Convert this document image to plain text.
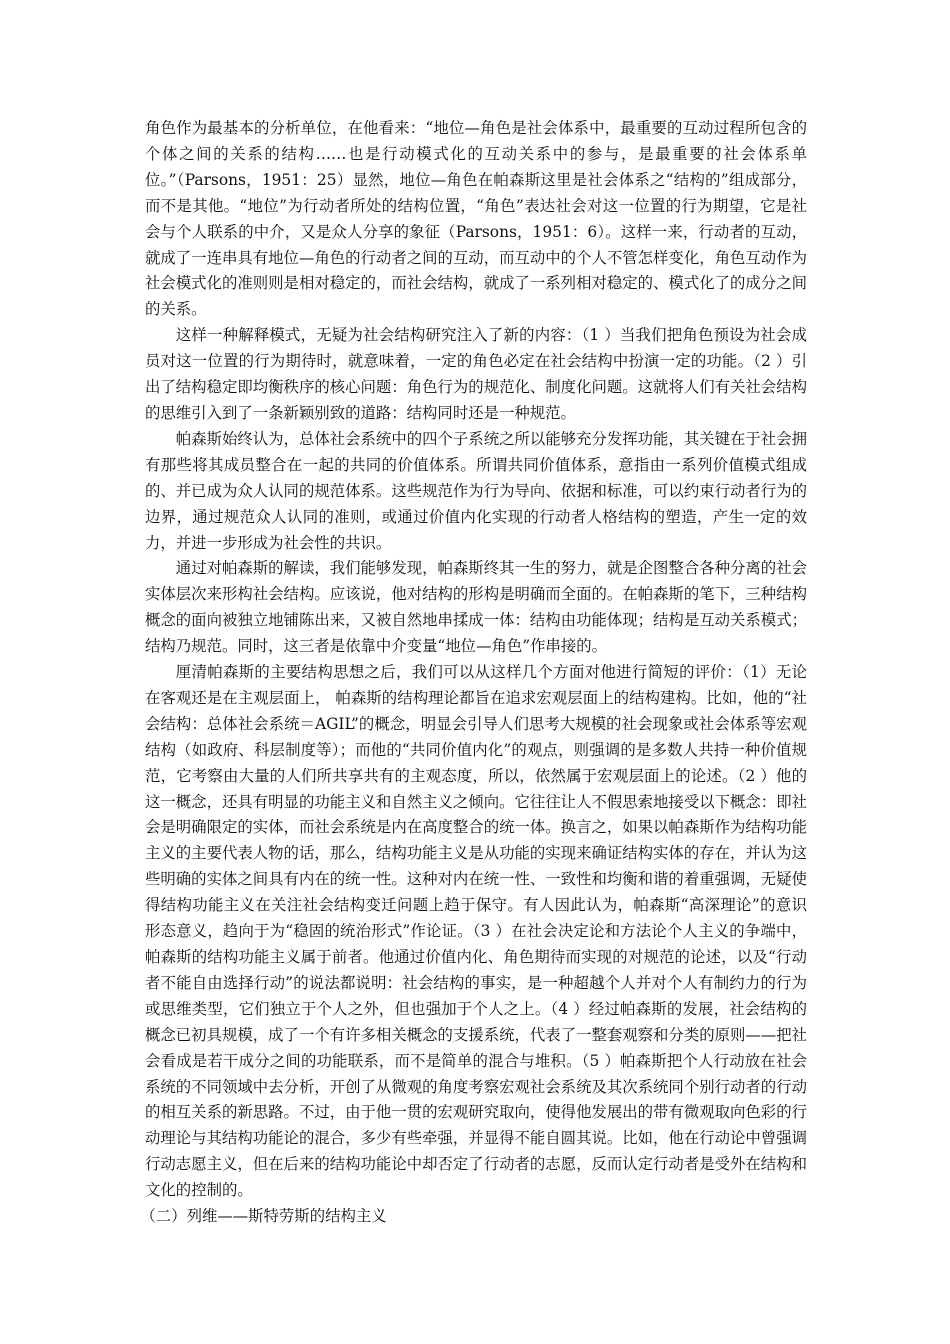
角色作为最基本的分析单位，在他看来：“地位—角色是社会体系中，最重要的互动过程所包含的个体之间的关系的结构……也是行动模式化的互动关系中的参与，是最重要的社会体系单位。”（Parsons，1951：25）显然，地位—角色在帕森斯这里是社会体系之“结构的”组成部分，而不是其他。“地位”为行动者所处的结构位置，“角色”表达社会对这一位置的行为期望，它是社会与个人联系的中介，又是众人分享的象征（Parsons，1951：6）。这样一来，行动者的互动，就成了一连串具有地位—角色的行动者之间的互动，而互动中的个人不管怎样变化，角色互动作为社会模式化的准则则是相对稳定的，而社会结构，就成了一系列相对稳定的、模式化了的成分之间的关系。

这样一种解释模式，无疑为社会结构研究注入了新的内容：（1 ）当我们把角色预设为社会成员对这一位置的行为期待时，就意味着，一定的角色必定在社会结构中扮演一定的功能。（2 ）引出了结构稳定即均衡秩序的核心问题：角色行为的规范化、制度化问题。这就将人们有关社会结构的思维引入到了一条新颖别致的道路：结构同时还是一种规范。

帕森斯始终认为，总体社会系统中的四个子系统之所以能够充分发挥功能，其关键在于社会拥有那些将其成员整合在一起的共同的价值体系。所谓共同价值体系，意指由一系列价值模式组成的、并已成为众人认同的规范体系。这些规范作为行为导向、依据和标准，可以约束行动者行为的边界，通过规范众人认同的准则，或通过价值内化实现的行动者人格结构的塑造，产生一定的效力，并进一步形成为社会性的共识。

通过对帕森斯的解读，我们能够发现，帕森斯终其一生的努力，就是企图整合各种分离的社会实体层次来形构社会结构。应该说，他对结构的形构是明确而全面的。在帕森斯的笔下，三种结构概念的面向被独立地铺陈出来，又被自然地串揉成一体：结构由功能体现；结构是互动关系模式；结构乃规范。同时，这三者是依靠中介变量“地位—角色”作串接的。

厘清帕森斯的主要结构思想之后，我们可以从这样几个方面对他进行简短的评价：（1）无论在客观还是在主观层面上， 帕森斯的结构理论都旨在追求宏观层面上的结构建构。比如，他的“社会结构：总体社会系统＝AGIL”的概念，明显会引导人们思考大规模的社会现象或社会体系等宏观结构（如政府、科层制度等）；而他的“共同价值内化”的观点，则强调的是多数人共持一种价值规范，它考察由大量的人们所共享共有的主观态度，所以，依然属于宏观层面上的论述。（2 ）他的这一概念，还具有明显的功能主义和自然主义之倾向。它往往让人不假思索地接受以下概念：即社会是明确限定的实体，而社会系统是内在高度整合的统一体。换言之，如果以帕森斯作为结构功能主义的主要代表人物的话，那么，结构功能主义是从功能的实现来确证结构实体的存在，并认为这些明确的实体之间具有内在的统一性。这种对内在统一性、一致性和均衡和谐的着重强调，无疑使得结构功能主义在关注社会结构变迁问题上趋于保守。有人因此认为，帕森斯“高深理论”的意识形态意义，趋向于为“稳固的统治形式”作论证。（3 ）在社会决定论和方法论个人主义的争端中，帕森斯的结构功能主义属于前者。他通过价值内化、角色期待而实现的对规范的论述，以及“行动者不能自由选择行动”的说法都说明：社会结构的事实，是一种超越个人并对个人有制约力的行为或思维类型，它们独立于个人之外，但也强加于个人之上。（4 ）经过帕森斯的发展，社会结构的概念已初具规模，成了一个有许多相关概念的支援系统，代表了一整套观察和分类的原则——把社会看成是若干成分之间的功能联系，而不是简单的混合与堆积。（5 ）帕森斯把个人行动放在社会系统的不同领域中去分析，开创了从微观的角度考察宏观社会系统及其次系统同个别行动者的行动的相互关系的新思路。不过，由于他一贯的宏观研究取向，使得他发展出的带有微观取向色彩的行动理论与其结构功能论的混合，多少有些牵强，并显得不能自圆其说。比如，他在行动论中曾强调行动志愿主义，但在后来的结构功能论中却否定了行动者的志愿，反而认定行动者是受外在结构和文化的控制的。

（二）列维——斯特劳斯的结构主义
